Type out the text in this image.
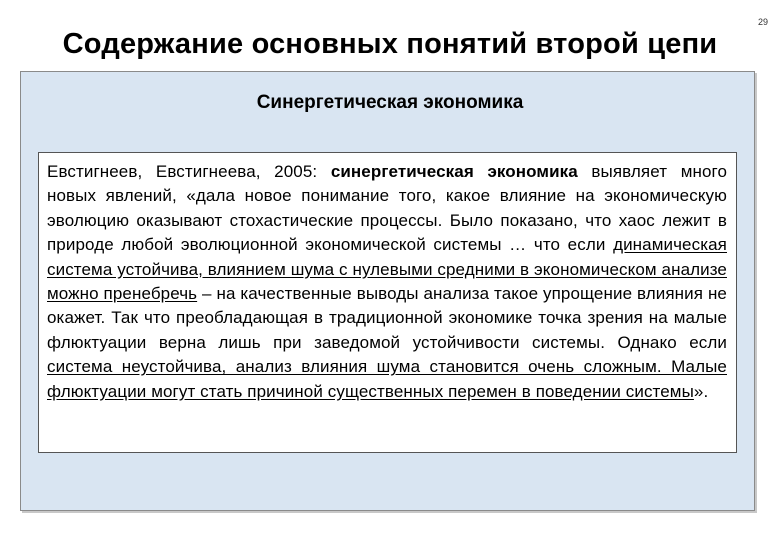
29
Содержание основных понятий второй цепи
Синергетическая экономика
Евстигнеев, Евстигнеева, 2005: синергетическая экономика выявляет много новых явлений, «дала новое понимание того, какое влияние на экономическую эволюцию оказывают стохастические процессы. Было показано, что хаос лежит в природе любой эволюционной экономической системы … что если динамическая система устойчива, влиянием шума с нулевыми средними в экономическом анализе можно пренебречь – на качественные выводы анализа такое упрощение влияния не окажет. Так что преобладающая в традиционной экономике точка зрения на малые флюктуации верна лишь при заведомой устойчивости системы. Однако если система неустойчива, анализ влияния шума становится очень сложным. Малые флюктуации могут стать причиной существенных перемен в поведении системы».
